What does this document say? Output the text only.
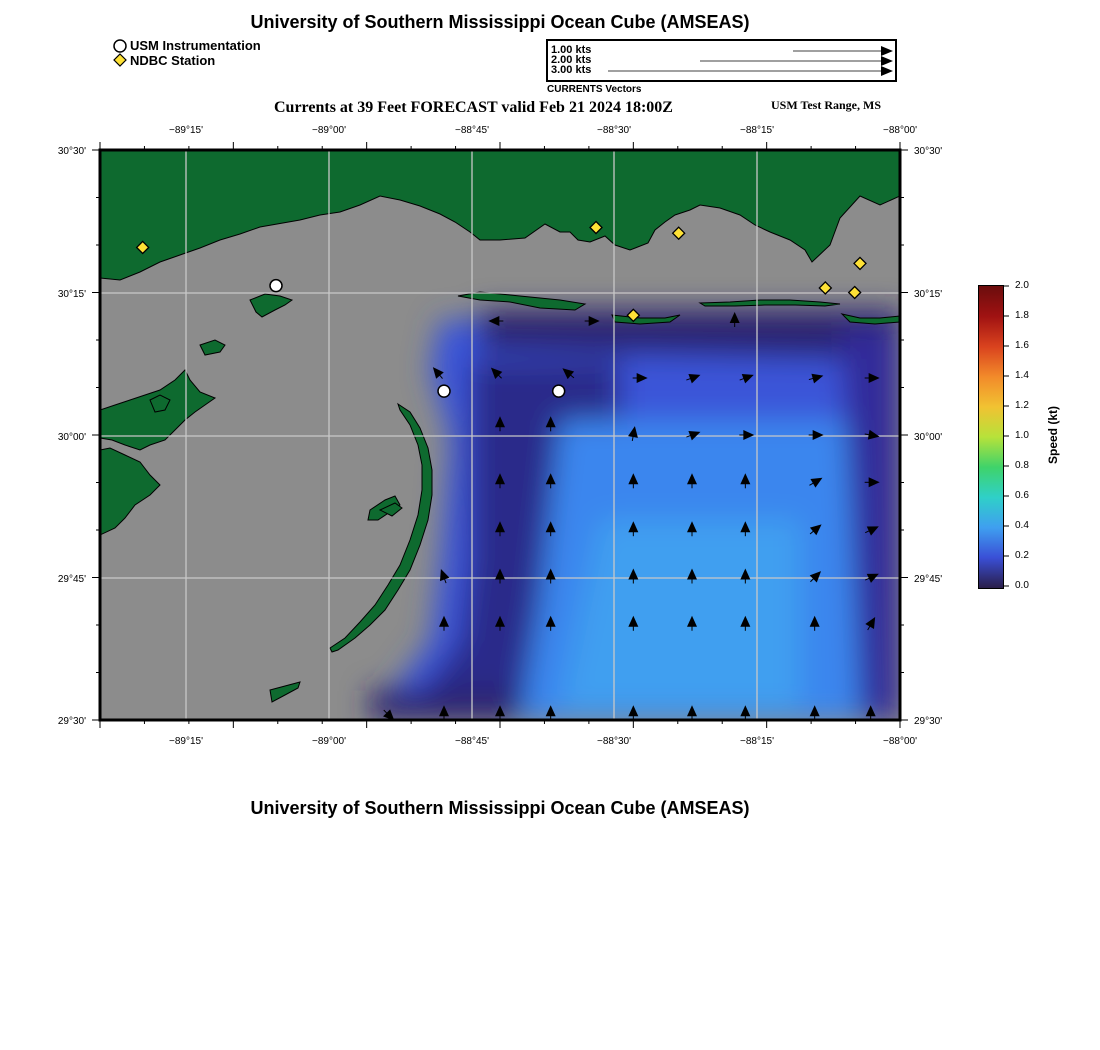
University of Southern Mississippi Ocean Cube (AMSEAS)
USM Instrumentation
NDBC Station
1.00 kts
2.00 kts
3.00 kts
CURRENTS Vectors
Currents at 39 Feet FORECAST valid Feb 21 2024 18:00Z	USM Test Range, MS
−89°15'	−89°00'	−88°45'	−88°30'	−88°15'	−88°00'
−89°15'	−89°00'	−88°45'	−88°30'	−88°15'	−88°00'
30°30'
30°15'
30°00'
29°45'
29°30'
30°30'
30°15'
30°00'
29°45'
29°30'
2.0
1.8
1.6
1.4
1.2
1.0
0.8
0.6
0.4
0.2
0.0
Speed (kt)
University of Southern Mississippi Ocean Cube (AMSEAS)
